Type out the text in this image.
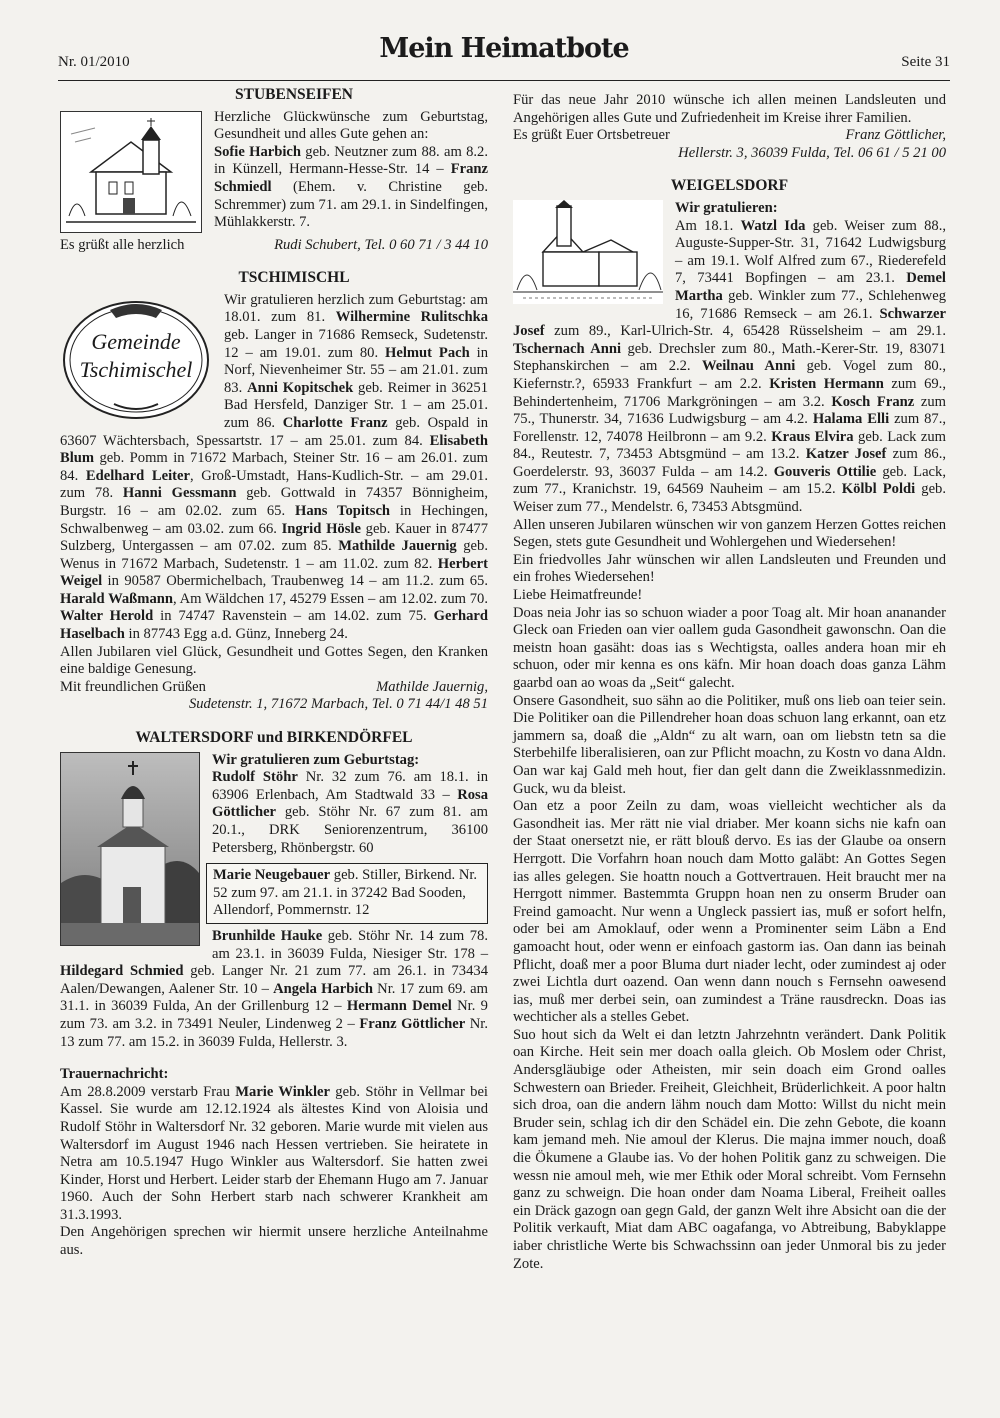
Nr. 01/2010	Mein Heimatbote	Seite 31
STUBENSEIFEN

Herzliche Glückwünsche zum Geburtstag, Gesundheit und alles Gute gehen an:

Sofie Harbich geb. Neutzner zum 88. am 8.2. in Künzell, Hermann-Hesse-Str. 14 – Franz Schmiedl (Ehem. v. Christine geb. Schremmer) zum 71. am 29.1. in Sindelfingen, Mühlakkerstr. 7.

Es grüßt alle herzlich	Rudi Schubert, Tel. 0 60 71 / 3 44 10
TSCHIMISCHL
Gemeinde
Tschimischel

Wir gratulieren herzlich zum Geburtstag: am 18.01. zum 81. Wilhermine Rulitschka geb. Langer in 71686 Remseck, Sudetenstr. 12 – am 19.01. zum 80. Helmut Pach in Norf, Nievenheimer Str. 55 – am 21.01. zum 83. Anni Kopitschek geb. Reimer in 36251 Bad Hersfeld, Danziger Str. 1 – am 25.01. zum 86. Charlotte Franz geb. Ospald in 63607 Wächtersbach, Spessartstr. 17 – am 25.01. zum 84. Elisabeth Blum geb. Pomm in 71672 Marbach, Steiner Str. 16 – am 26.01. zum 84. Edelhard Leiter, Groß-Umstadt, Hans-Kudlich-Str. – am 29.01. zum 78. Hanni Gessmann geb. Gottwald in 74357 Bönnigheim, Burgstr. 16 – am 02.02. zum 65. Hans Topitsch in Hechingen, Schwalbenweg – am 03.02. zum 66. Ingrid Hösle geb. Kauer in 87477 Sulzberg, Untergassen – am 07.02. zum 85. Mathilde Jauernig geb. Wenus in 71672 Marbach, Sudetenstr. 1 – am 11.02. zum 82. Herbert Weigel in 90587 Obermichelbach, Traubenweg 14 – am 11.2. zum 65. Harald Waßmann, Am Wäldchen 17, 45279 Essen – am 12.02. zum 70. Walter Herold in 74747 Ravenstein – am 14.02. zum 75. Gerhard Haselbach in 87743 Egg a.d. Günz, Inneberg 24.

Allen Jubilaren viel Glück, Gesundheit und Gottes Segen, den Kranken eine baldige Genesung.

Mit freundlichen Grüßen	Mathilde Jauernig,
Sudetenstr. 1, 71672 Marbach, Tel. 0 71 44/1 48 51
WALTERSDORF und BIRKENDÖRFEL

Wir gratulieren zum Geburtstag:

Rudolf Stöhr Nr. 32 zum 76. am 18.1. in 63906 Erlenbach, Am Stadtwald 33 – Rosa Göttlicher geb. Stöhr Nr. 67 zum 81. am 20.1., DRK Seniorenzentrum, 36100 Petersberg, Rhönbergstr. 60

Marie Neugebauer geb. Stiller, Birkend. Nr. 52 zum 97. am 21.1. in 37242 Bad Sooden, Allendorf, Pommernstr. 12

Brunhilde Hauke geb. Stöhr Nr. 14 zum 78. am 23.1. in 36039 Fulda, Niesiger Str. 178 – Hildegard Schmied geb. Langer Nr. 21 zum 77. am 26.1. in 73434 Aalen/Dewangen, Aalener Str. 10 – Angela Harbich Nr. 17 zum 69. am 31.1. in 36039 Fulda, An der Grillenburg 12 – Hermann Demel Nr. 9 zum 73. am 3.2. in 73491 Neuler, Lindenweg 2 – Franz Göttlicher Nr. 13 zum 77. am 15.2. in 36039 Fulda, Hellerstr. 3.

Trauernachricht:

Am 28.8.2009 verstarb Frau Marie Winkler geb. Stöhr in Vellmar bei Kassel. Sie wurde am 12.12.1924 als ältestes Kind von Aloisia und Rudolf Stöhr in Waltersdorf Nr. 32 geboren. Marie wurde mit vielen aus Waltersdorf im August 1946 nach Hessen vertrieben. Sie heiratete in Netra am 10.5.1947 Hugo Winkler aus Waltersdorf. Sie hatten zwei Kinder, Horst und Herbert. Leider starb der Ehemann Hugo am 7. Januar 1960. Auch der Sohn Herbert starb nach schwerer Krankheit am 31.3.1993.

Den Angehörigen sprechen wir hiermit unsere herzliche Anteilnahme aus.

Für das neue Jahr 2010 wünsche ich allen meinen Landsleuten und Angehörigen alles Gute und Zufriedenheit im Kreise ihrer Familien.

Es grüßt Euer Ortsbetreuer	Franz Göttlicher,
Hellerstr. 3, 36039 Fulda, Tel. 06 61 / 5 21 00
WEIGELSDORF

Wir gratulieren:

Am 18.1. Watzl Ida geb. Weiser zum 88., Auguste-Supper-Str. 31, 71642 Ludwigsburg – am 19.1. Wolf Alfred zum 67., Riederefeld 7, 73441 Bopfingen – am 23.1. Demel Martha geb. Winkler zum 77., Schlehenweg 16, 71686 Remseck – am 26.1. Schwarzer Josef zum 89., Karl-Ulrich-Str. 4, 65428 Rüsselsheim – am 29.1. Tschernach Anni geb. Drechsler zum 80., Math.-Kerer-Str. 19, 83071 Stephanskirchen – am 2.2. Weilnau Anni geb. Vogel zum 80., Kiefernstr.?, 65933 Frankfurt – am 2.2. Kristen Hermann zum 69., Behindertenheim, 71706 Markgröningen – am 3.2. Kosch Franz zum 75., Thunerstr. 34, 71636 Ludwigsburg – am 4.2. Halama Elli zum 87., Forellenstr. 12, 74078 Heilbronn – am 9.2. Kraus Elvira geb. Lack zum 84., Reutestr. 7, 73453 Abtsgmünd – am 13.2. Katzer Josef zum 86., Goerdelerstr. 93, 36037 Fulda – am 14.2. Gouveris Ottilie geb. Lack, zum 77., Kranichstr. 19, 64569 Nauheim – am 15.2. Kölbl Poldi geb. Weiser zum 77., Mendelstr. 6, 73453 Abtsgmünd.

Allen unseren Jubilaren wünschen wir von ganzem Herzen Gottes reichen Segen, stets gute Gesundheit und Wohlergehen und Wiedersehen!

Ein friedvolles Jahr wünschen wir allen Landsleuten und Freunden und ein frohes Wiedersehen!

Liebe Heimatfreunde!

Doas neia Johr ias so schuon wiader a poor Toag alt. Mir hoan ananander Gleck oan Frieden oan vier oallem guda Gasondheit gawonschn. Oan die meistn hoan gasäht: doas ias s Wechtigsta, oalles andera hoan mir eh schuon, oder mir kenna es ons käfn. Mir hoan doach doas ganza Lähm gaarbd oan ao woas da „Seit“ galecht.

Onsere Gasondheit, suo sähn ao die Politiker, muß ons lieb oan teier sein. Die Politiker oan die Pillendreher hoan doas schuon lang erkannt, oan etz jammern sa, doaß die „Aldn“ zu alt warn, oan om liebstn tetn sa die Sterbehilfe liberalisieren, oan zur Pflicht moachn, zu Kostn vo dana Aldn. Oan war kaj Gald meh hout, fier dan gelt dann die Zweiklassnmedizin. Guck, wu da bleist.

Oan etz a poor Zeiln zu dam, woas vielleicht wechticher als da Gasondheit ias. Mer rätt nie vial driaber. Mer koann sichs nie kafn oan der Staat onersetzt nie, er rätt blouß dervo. Es ias der Glaube oa onsern Herrgott. Die Vorfahrn hoan nouch dam Motto galäbt: An Gottes Segen ias alles gelegen. Sie hoattn nouch a Gottvertrauen. Heit braucht mer na Herrgott nimmer. Bastemmta Gruppn hoan nen zu onserm Bruder oan Freind gamoacht. Nur wenn a Ungleck passiert ias, muß er sofort helfn, oder bei am Amoklauf, oder wenn a Prominenter seim Läbn a End gamoacht hout, oder wenn er einfoach gastorm ias. Oan dann ias beinah Pflicht, doaß mer a poor Bluma durt niader lecht, oder zumindest aj oder zwei Lichtla durt oazend. Oan wenn dann nouch s Fernsehn oawesend ias, muß mer derbei sein, oan zumindest a Träne rausdreckn. Doas ias wechticher als a stelles Gebet.

Suo hout sich da Welt ei dan letztn Jahrzehntn verändert. Dank Politik oan Kirche. Heit sein mer doach oalla gleich. Ob Moslem oder Christ, Andersgläubige oder Atheisten, mir sein doach eim Grond oalles Schwestern oan Brieder. Freiheit, Gleichheit, Brüderlichkeit. A poor haltn sich droa, oan die andern lähm nouch dam Motto: Willst du nicht mein Bruder sein, schlag ich dir den Schädel ein. Die zehn Gebote, die koann kam jemand meh. Nie amoul der Klerus. Die majna immer nouch, doaß die Ökumene a Glaube ias. Vo der hohen Politik ganz zu schweigen. Die wessn nie amoul meh, wie mer Ethik oder Moral schreibt. Vom Fernsehn ganz zu schweign. Die hoan onder dam Noama Liberal, Freiheit oalles ein Dräck gazogn oan gegn Gald, der ganzn Welt ihre Absicht oan die der Politik verkauft, Miat dam ABC oagafanga, vo Abtreibung, Babyklappe iaber christliche Werte bis Schwachssinn oan jeder Unmoral bis zu jeder Zote.
